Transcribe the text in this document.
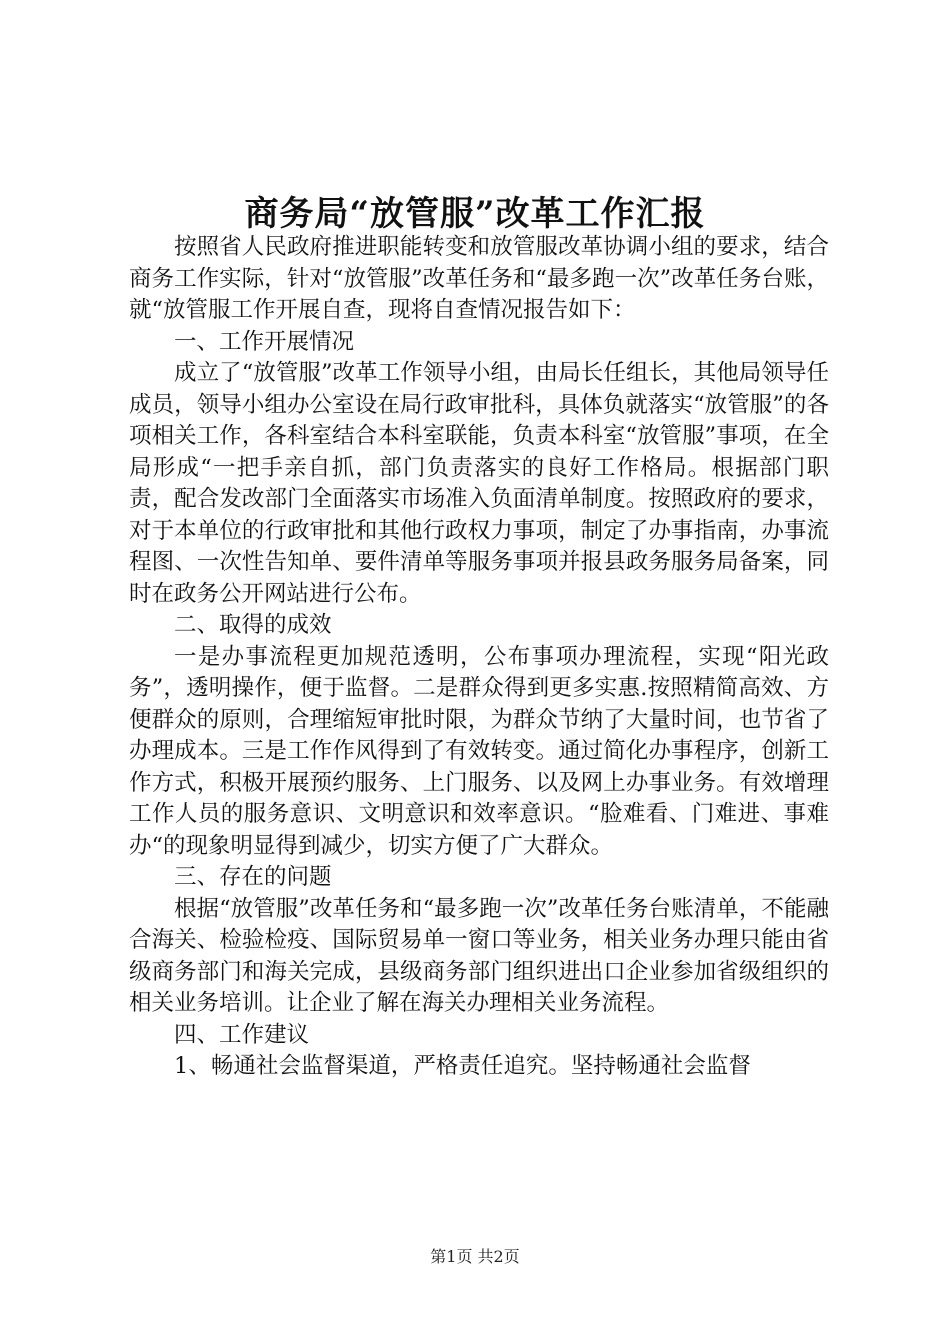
商务局“放管服”改革工作汇报

按照省人民政府推进职能转变和放管服改革协调小组的要求，结合商务工作实际，针对“放管服”改革任务和“最多跑一次”改革任务台账，就“放管服工作开展自查，现将自查情况报告如下：

一、工作开展情况

成立了“放管服”改革工作领导小组，由局长任组长，其他局领导任成员，领导小组办公室设在局行政审批科，具体负就落实“放管服”的各项相关工作，各科室结合本科室联能，负责本科室“放管服”事项，在全局形成“一把手亲自抓，部门负责落实的良好工作格局。根据部门职责，配合发改部门全面落实市场准入负面清单制度。按照政府的要求，对于本单位的行政审批和其他行政权力事项，制定了办事指南，办事流程图、一次性告知单、要件清单等服务事项并报县政务服务局备案，同时在政务公开网站进行公布。

二、取得的成效

一是办事流程更加规范透明，公布事项办理流程，实现“阳光政务”，透明操作，便于监督。二是群众得到更多实惠.按照精简高效、方便群众的原则，合理缩短审批时限，为群众节纳了大量时间，也节省了办理成本。三是工作作风得到了有效转变。通过简化办事程序，创新工作方式，积极开展预约服务、上门服务、以及网上办事业务。有效增理工作人员的服务意识、文明意识和效率意识。“脸难看、门难进、事难办“的现象明显得到减少，切实方便了广大群众。

三、存在的问题

根据“放管服”改革任务和“最多跑一次”改革任务台账清单，不能融合海关、检验检疫、国际贸易单一窗口等业务，相关业务办理只能由省级商务部门和海关完成，县级商务部门组织进出口企业参加省级组织的相关业务培训。让企业了解在海关办理相关业务流程。

四、工作建议

1、畅通社会监督渠道，严格责任追究。坚持畅通社会监督

第1页 共2页
